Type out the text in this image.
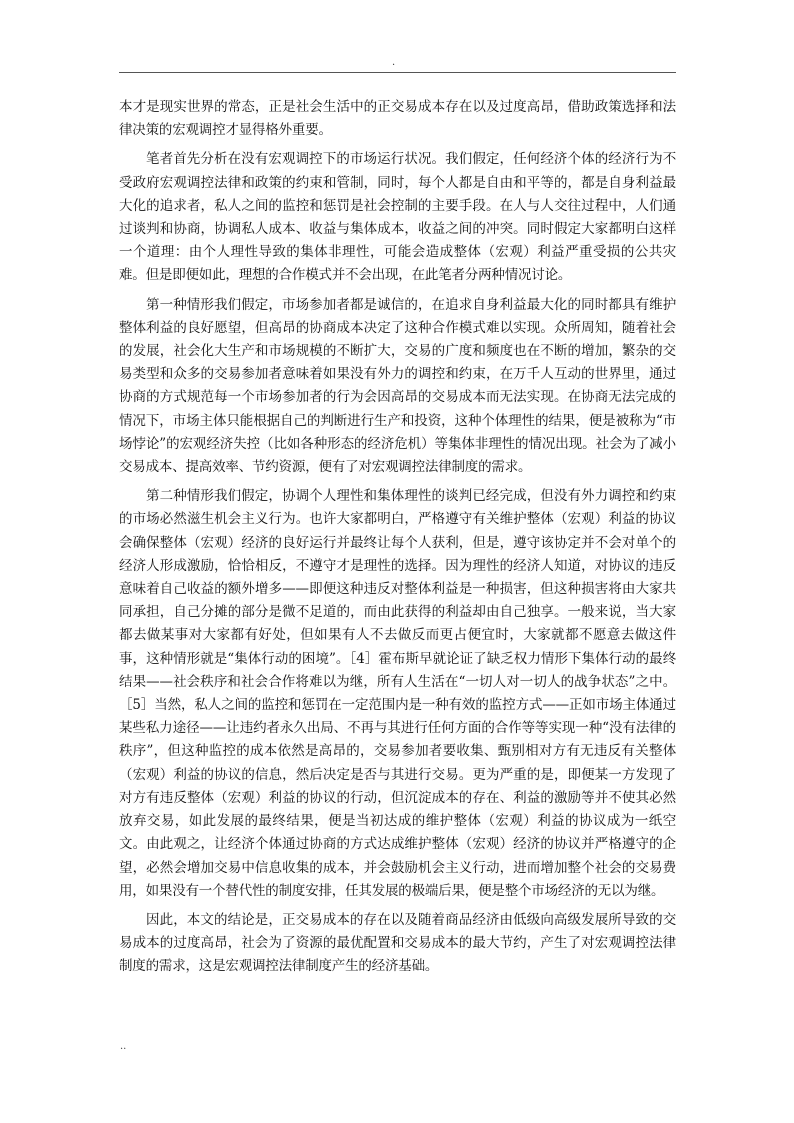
.

本才是现实世界的常态，正是社会生活中的正交易成本存在以及过度高昂，借助政策选择和法律决策的宏观调控才显得格外重要。

笔者首先分析在没有宏观调控下的市场运行状况。我们假定，任何经济个体的经济行为不受政府宏观调控法律和政策的约束和管制，同时，每个人都是自由和平等的，都是自身利益最大化的追求者，私人之间的监控和惩罚是社会控制的主要手段。在人与人交往过程中，人们通过谈判和协商，协调私人成本、收益与集体成本，收益之间的冲突。同时假定大家都明白这样一个道理：由个人理性导致的集体非理性，可能会造成整体（宏观）利益严重受损的公共灾难。但是即便如此，理想的合作模式并不会出现，在此笔者分两种情况讨论。

第一种情形我们假定，市场参加者都是诚信的，在追求自身利益最大化的同时都具有维护整体利益的良好愿望，但高昂的协商成本决定了这种合作模式难以实现。众所周知，随着社会的发展，社会化大生产和市场规模的不断扩大，交易的广度和频度也在不断的增加，繁杂的交易类型和众多的交易参加者意味着如果没有外力的调控和约束，在万千人互动的世界里，通过协商的方式规范每一个市场参加者的行为会因高昂的交易成本而无法实现。在协商无法完成的情况下，市场主体只能根据自己的判断进行生产和投资，这种个体理性的结果，便是被称为“市场悖论”的宏观经济失控（比如各种形态的经济危机）等集体非理性的情况出现。社会为了减小交易成本、提高效率、节约资源，便有了对宏观调控法律制度的需求。

第二种情形我们假定，协调个人理性和集体理性的谈判已经完成，但没有外力调控和约束的市场必然滋生机会主义行为。也许大家都明白，严格遵守有关维护整体（宏观）利益的协议会确保整体（宏观）经济的良好运行并最终让每个人获利，但是，遵守该协定并不会对单个的经济人形成激励，恰恰相反，不遵守才是理性的选择。因为理性的经济人知道，对协议的违反意味着自己收益的额外增多——即便这种违反对整体利益是一种损害，但这种损害将由大家共同承担，自己分摊的部分是微不足道的，而由此获得的利益却由自己独享。一般来说，当大家都去做某事对大家都有好处，但如果有人不去做反而更占便宜时，大家就都不愿意去做这件事，这种情形就是“集体行动的困境”。［4］霍布斯早就论证了缺乏权力情形下集体行动的最终结果——社会秩序和社会合作将难以为继，所有人生活在“一切人对一切人的战争状态”之中。［5］当然，私人之间的监控和惩罚在一定范围内是一种有效的监控方式——正如市场主体通过某些私力途径——让违约者永久出局、不再与其进行任何方面的合作等等实现一种“没有法律的秩序”，但这种监控的成本依然是高昂的，交易参加者要收集、甄别相对方有无违反有关整体（宏观）利益的协议的信息，然后决定是否与其进行交易。更为严重的是，即便某一方发现了对方有违反整体（宏观）利益的协议的行动，但沉淀成本的存在、利益的激励等并不使其必然放弃交易，如此发展的最终结果，便是当初达成的维护整体（宏观）利益的协议成为一纸空文。由此观之，让经济个体通过协商的方式达成维护整体（宏观）经济的协议并严格遵守的企望，必然会增加交易中信息收集的成本，并会鼓励机会主义行动，进而增加整个社会的交易费用，如果没有一个替代性的制度安排，任其发展的极端后果，便是整个市场经济的无以为继。

因此，本文的结论是，正交易成本的存在以及随着商品经济由低级向高级发展所导致的交易成本的过度高昂，社会为了资源的最优配置和交易成本的最大节约，产生了对宏观调控法律制度的需求，这是宏观调控法律制度产生的经济基础。

..
